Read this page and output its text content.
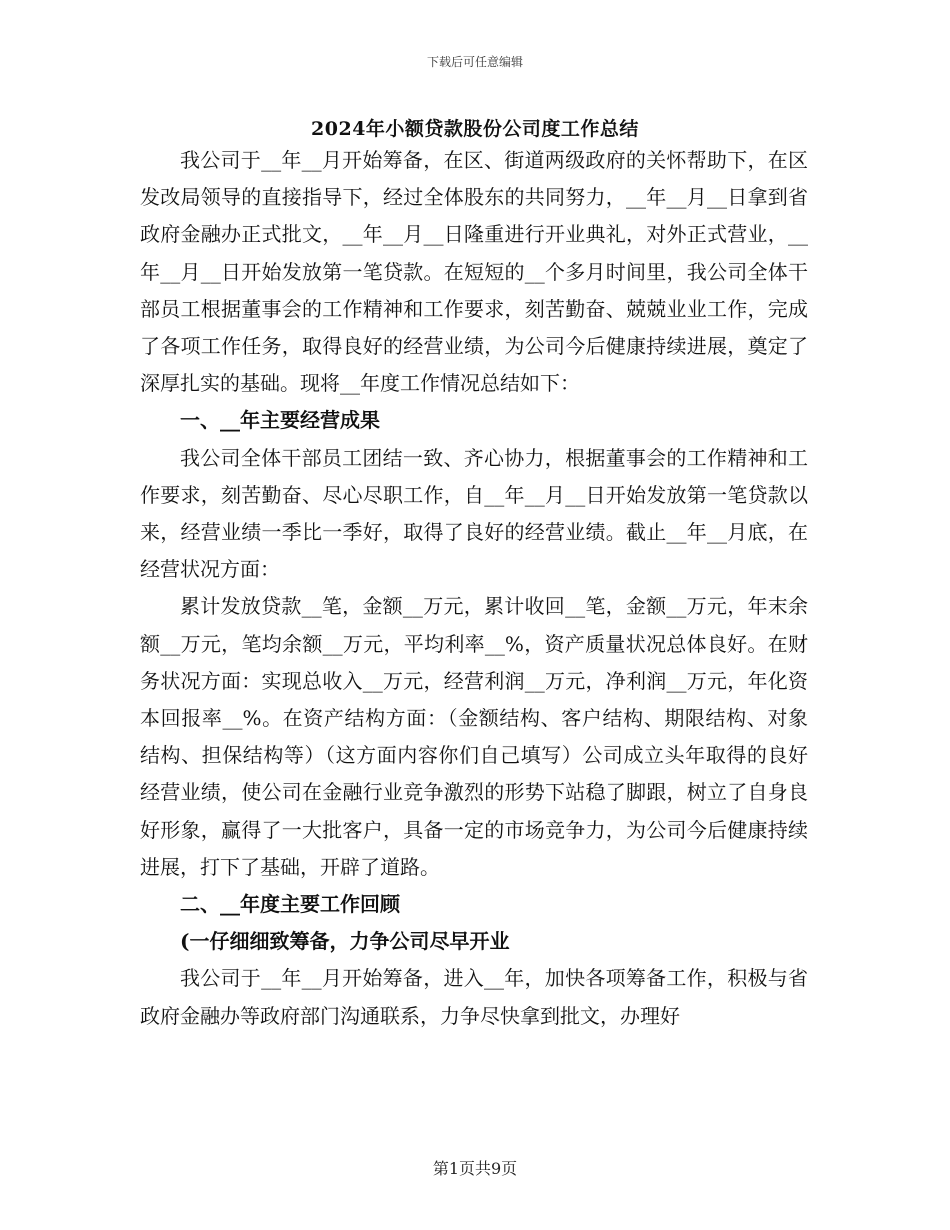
下载后可任意编辑
2024年小额贷款股份公司度工作总结

我公司于__年__月开始筹备，在区、街道两级政府的关怀帮助下，在区发改局领导的直接指导下，经过全体股东的共同努力，__年__月__日拿到省政府金融办正式批文，__年__月__日隆重进行开业典礼，对外正式营业，__年__月__日开始发放第一笔贷款。在短短的__个多月时间里，我公司全体干部员工根据董事会的工作精神和工作要求，刻苦勤奋、兢兢业业工作，完成了各项工作任务，取得良好的经营业绩，为公司今后健康持续进展，奠定了深厚扎实的基础。现将__年度工作情况总结如下：

一、__年主要经营成果

我公司全体干部员工团结一致、齐心协力，根据董事会的工作精神和工作要求，刻苦勤奋、尽心尽职工作，自__年__月__日开始发放第一笔贷款以来，经营业绩一季比一季好，取得了良好的经营业绩。截止__年__月底，在经营状况方面：

累计发放贷款__笔，金额__万元，累计收回__笔，金额__万元，年末余额__万元，笔均余额__万元，平均利率__%，资产质量状况总体良好。在财务状况方面：实现总收入__万元，经营利润__万元，净利润__万元，年化资本回报率__%。在资产结构方面：（金额结构、客户结构、期限结构、对象结构、担保结构等）（这方面内容你们自己填写）公司成立头年取得的良好经营业绩，使公司在金融行业竞争激烈的形势下站稳了脚跟，树立了自身良好形象，赢得了一大批客户，具备一定的市场竞争力，为公司今后健康持续进展，打下了基础，开辟了道路。

二、__年度主要工作回顾
(一仔细细致筹备，力争公司尽早开业

我公司于__年__月开始筹备，进入__年，加快各项筹备工作，积极与省政府金融办等政府部门沟通联系，力争尽快拿到批文，办理好

第1页共9页
